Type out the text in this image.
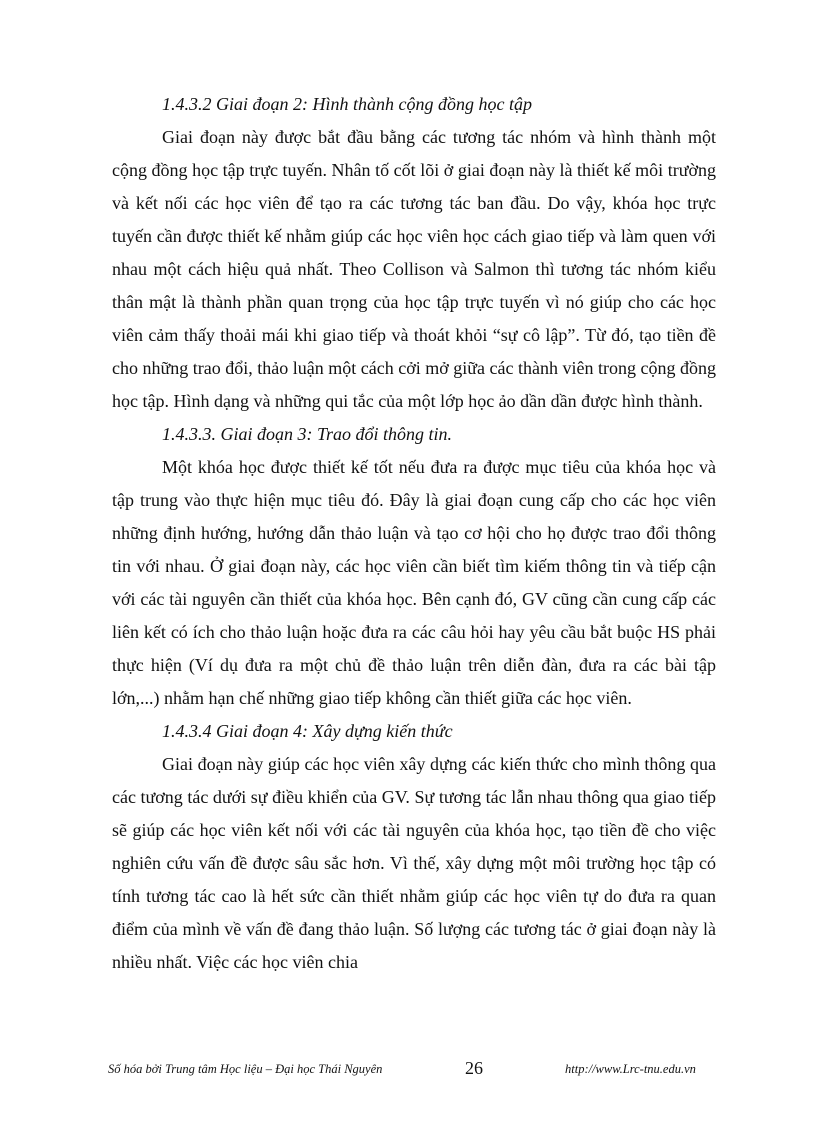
1.4.3.2 Giai đoạn 2: Hình thành cộng đồng học tập

Giai đoạn này được bắt đầu bằng các tương tác nhóm và hình thành một cộng đồng học tập trực tuyến. Nhân tố cốt lõi ở giai đoạn này là thiết kế môi trường và kết nối các học viên để tạo ra các tương tác ban đầu. Do vậy, khóa học trực tuyến cần được thiết kế nhằm giúp các học viên học cách giao tiếp và làm quen với nhau một cách hiệu quả nhất. Theo Collison và Salmon thì tương tác nhóm kiểu thân mật là thành phần quan trọng của học tập trực tuyến vì nó giúp cho các học viên cảm thấy thoải mái khi giao tiếp và thoát khỏi “sự cô lập”. Từ đó, tạo tiền đề cho những trao đổi, thảo luận một cách cởi mở giữa các thành viên trong cộng đồng học tập. Hình dạng và những qui tắc của một lớp học ảo dần dần được hình thành.

1.4.3.3. Giai đoạn 3: Trao đổi thông tin.

Một khóa học được thiết kế tốt nếu đưa ra được mục tiêu của khóa học và tập trung vào thực hiện mục tiêu đó. Đây là giai đoạn cung cấp cho các học viên những định hướng, hướng dẫn thảo luận và tạo cơ hội cho họ được trao đổi thông tin với nhau. Ở giai đoạn này, các học viên cần biết tìm kiếm thông tin và tiếp cận với các tài nguyên cần thiết của khóa học. Bên cạnh đó, GV cũng cần cung cấp các liên kết có ích cho thảo luận hoặc đưa ra các câu hỏi hay yêu cầu bắt buộc HS phải thực hiện (Ví dụ đưa ra một chủ đề thảo luận trên diễn đàn, đưa ra các bài tập lớn,...) nhằm hạn chế những giao tiếp không cần thiết giữa các học viên.

1.4.3.4 Giai đoạn 4: Xây dựng kiến thức

Giai đoạn này giúp các học viên xây dựng các kiến thức cho mình thông qua các tương tác dưới sự điều khiển của GV. Sự tương tác lẫn nhau thông qua giao tiếp sẽ giúp các học viên kết nối với các tài nguyên của khóa học, tạo tiền đề cho việc nghiên cứu vấn đề được sâu sắc hơn. Vì thế, xây dựng một môi trường học tập có tính tương tác cao là hết sức cần thiết nhằm giúp các học viên tự do đưa ra quan điểm của mình về vấn đề đang thảo luận. Số lượng các tương tác ở giai đoạn này là nhiều nhất. Việc các học viên chia

Số hóa bởi Trung tâm Học liệu – Đại học Thái Nguyên	26	http://www.Lrc-tnu.edu.vn
